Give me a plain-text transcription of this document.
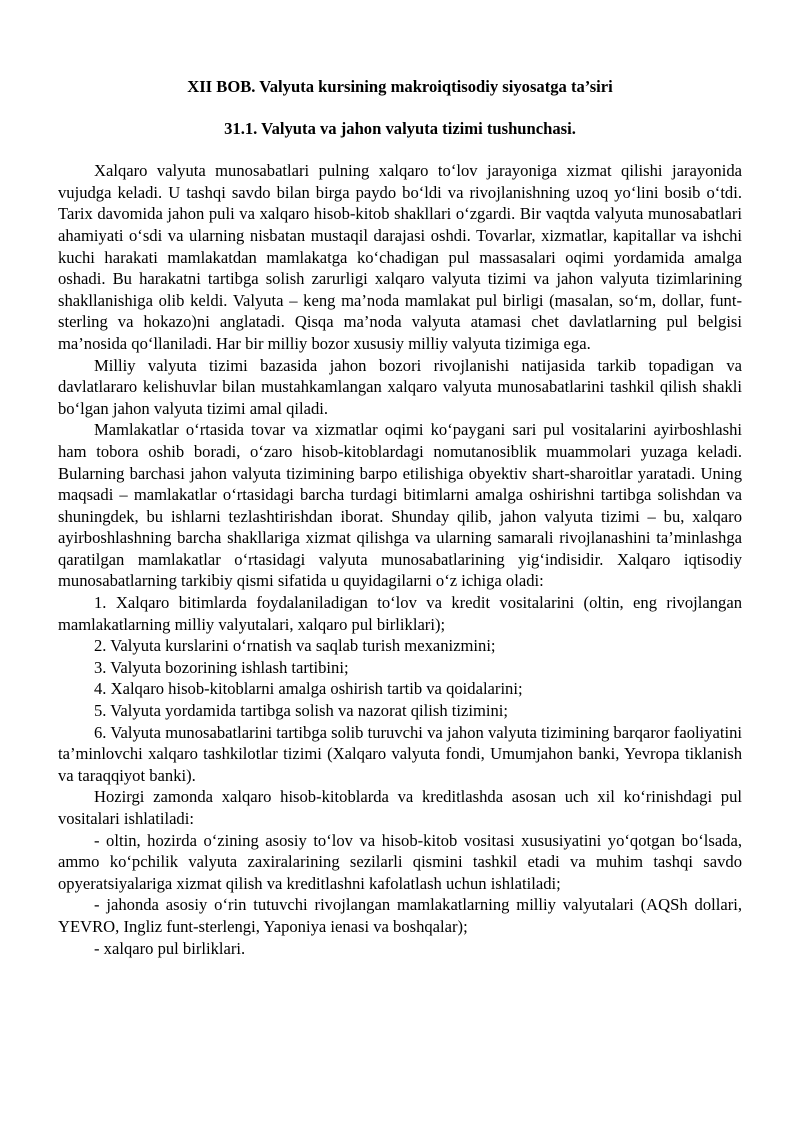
XII BOB. Valyuta kursining makroiqtisodiy siyosatga ta’siri
31.1. Valyuta va jahon valyuta tizimi tushunchasi.

Xalqaro valyuta munosabatlari pulning xalqaro to‘lov jarayoniga xizmat qilishi jarayonida vujudga keladi. U tashqi savdo bilan birga paydo bo‘ldi va rivojlanishning uzoq yo‘lini bosib o‘tdi. Tarix davomida jahon puli va xalqaro hisob-kitob shakllari o‘zgardi. Bir vaqtda valyuta munosabatlari ahamiyati o‘sdi va ularning nisbatan mustaqil darajasi oshdi. Tovarlar, xizmatlar, kapitallar va ishchi kuchi harakati mamlakatdan mamlakatga ko‘chadigan pul massasalari oqimi yordamida amalga oshadi. Bu harakatni tartibga solish zarurligi xalqaro valyuta tizimi va jahon valyuta tizimlarining shakllanishiga olib keldi. Valyuta – keng ma’noda mamlakat pul birligi (masalan, so‘m, dollar, funt-sterling va hokazo)ni anglatadi. Qisqa ma’noda valyuta atamasi chet davlatlarning pul belgisi ma’nosida qo‘llaniladi. Har bir milliy bozor xususiy milliy valyuta tizimiga ega.

Milliy valyuta tizimi bazasida jahon bozori rivojlanishi natijasida tarkib topadigan va davlatlararo kelishuvlar bilan mustahkamlangan xalqaro valyuta munosabatlarini tashkil qilish shakli bo‘lgan jahon valyuta tizimi amal qiladi.

Mamlakatlar o‘rtasida tovar va xizmatlar oqimi ko‘paygani sari pul vositalarini ayirboshlashi ham tobora oshib boradi, o‘zaro hisob-kitoblardagi nomutanosiblik muammolari yuzaga keladi. Bularning barchasi jahon valyuta tizimining barpo etilishiga obyektiv shart-sharoitlar yaratadi. Uning maqsadi – mamlakatlar o‘rtasidagi barcha turdagi bitimlarni amalga oshirishni tartibga solishdan va shuningdek, bu ishlarni tezlashtirishdan iborat. Shunday qilib, jahon valyuta tizimi – bu, xalqaro ayirboshlashning barcha shakllariga xizmat qilishga va ularning samarali rivojlanashini ta’minlashga qaratilgan mamlakatlar o‘rtasidagi valyuta munosabatlarining yig‘indisidir. Xalqaro iqtisodiy munosabatlarning tarkibiy qismi sifatida u quyidagilarni o‘z ichiga oladi:

1. Xalqaro bitimlarda foydalaniladigan to‘lov va kredit vositalarini (oltin, eng rivojlangan mamlakatlarning milliy valyutalari, xalqaro pul birliklari);

2. Valyuta kurslarini o‘rnatish va saqlab turish mexanizmini;

3. Valyuta bozorining ishlash tartibini;

4. Xalqaro hisob-kitoblarni amalga oshirish tartib va qoidalarini;

5. Valyuta yordamida tartibga solish va nazorat qilish tizimini;

6. Valyuta munosabatlarini tartibga solib turuvchi va jahon valyuta tizimining barqaror faoliyatini ta’minlovchi xalqaro tashkilotlar tizimi (Xalqaro valyuta fondi, Umumjahon banki, Yevropa tiklanish va taraqqiyot banki).

Hozirgi zamonda xalqaro hisob-kitoblarda va kreditlashda asosan uch xil ko‘rinishdagi pul vositalari ishlatiladi:

- oltin, hozirda o‘zining asosiy to‘lov va hisob-kitob vositasi xususiyatini yo‘qotgan bo‘lsada, ammo ko‘pchilik valyuta zaxiralarining sezilarli qismini tashkil etadi va muhim tashqi savdo opyeratsiyalariga xizmat qilish va kreditlashni kafolatlash uchun ishlatiladi;

- jahonda asosiy o‘rin tutuvchi rivojlangan mamlakatlarning milliy valyutalari (AQSh dollari, YEVRO, Ingliz funt-sterlengi, Yaponiya ienasi va boshqalar);

- xalqaro pul birliklari.
